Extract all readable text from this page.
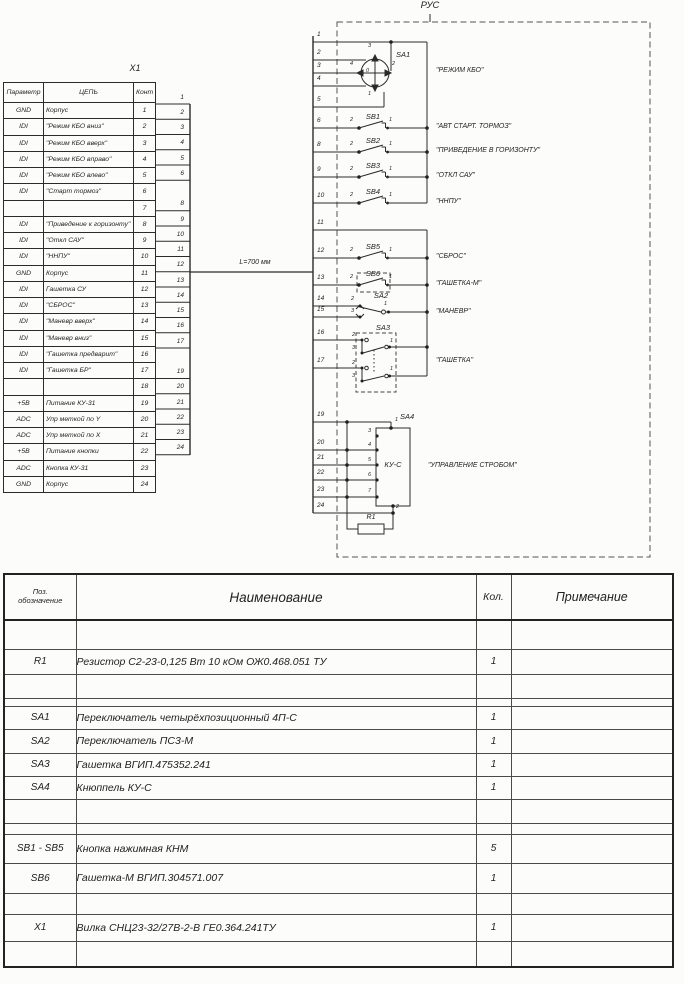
РУС
X1
L=700 мм
SA1
"РЕЖИМ КБО"
SA2
"МАНЕВР"
SA3
"ГАШЕТКА"
SA4
КУ-С	"УПРАВЛЕНИЕ СТРОБОМ"
R1
Параметр	ЦЕПЬ	Конт
GND	Корпус	1
IDI	"Режим КБО вниз"	2
IDI	"Режим КБО вверх"	3
IDI	"Режим КБО вправо"	4
IDI	"Режим КБО влево"	5
IDI	"Старт тормоз"	6
		7
IDI	"Приведение к горизонту"	8
IDI	"Откл САУ"	9
IDI	"ННПУ"	10
GND	Корпус	11
IDI	Гашетка СУ	12
IDI	"СБРОС"	13
IDI	"Маневр вверх"	14
IDI	"Маневр вниз"	15
IDI	"Гашетка предварит"	16
IDI	"Гашетка БР"	17
		18
+5В	Питание КУ-31	19
ADC	Упр меткой по Y	20
ADC	Упр меткой по X	21
+5В	Питание кнопки	22
ADC	Кнопка КУ-31	23
GND	Корпус	24
Поз.
обозначение	Наименование	Кол.	Примечание

R1	Резистор С2-23-0,125 Вт 10 кОм ОЖ0.468.051 ТУ	1	

SA1	Переключатель четырёхпозиционный 4П-С	1	
SA2	Переключатель ПС3-М	1	
SA3	Гашетка ВГИП.475352.241	1	
SA4	Кнюппель КУ-С	1	

SB1 - SB5	Кнопка нажимная КНМ	5	
SB6	Гашетка-М ВГИП.304571.007	1	

X1	Вилка СНЦ23-32/27В-2-В ГЕ0.364.241ТУ	1	

1
1
2
2
3
3
4
4
5
5
6
6
8
8
9
9
10
10
11
11
12
12
13	13
14	14
15	15
16
16
17
17
19
19
20
20
21
21
22
22
23
23
24
24
SB1
"АВТ СТАРТ. ТОРМОЗ"
SB2
"ПРИВЕДЕНИЕ В ГОРИЗОНТУ"
SB3
"ОТКЛ САУ"
SB4
"ННПУ"
SB5
"СБРОС"
SB6
"ГАШЕТКА-М"
3
2
4
1
0
2
3
1
2
3
1
2
3
1
1
3
4
5
6
7
2
2	1
2	1
2	1
2	1
2	1
2	1
